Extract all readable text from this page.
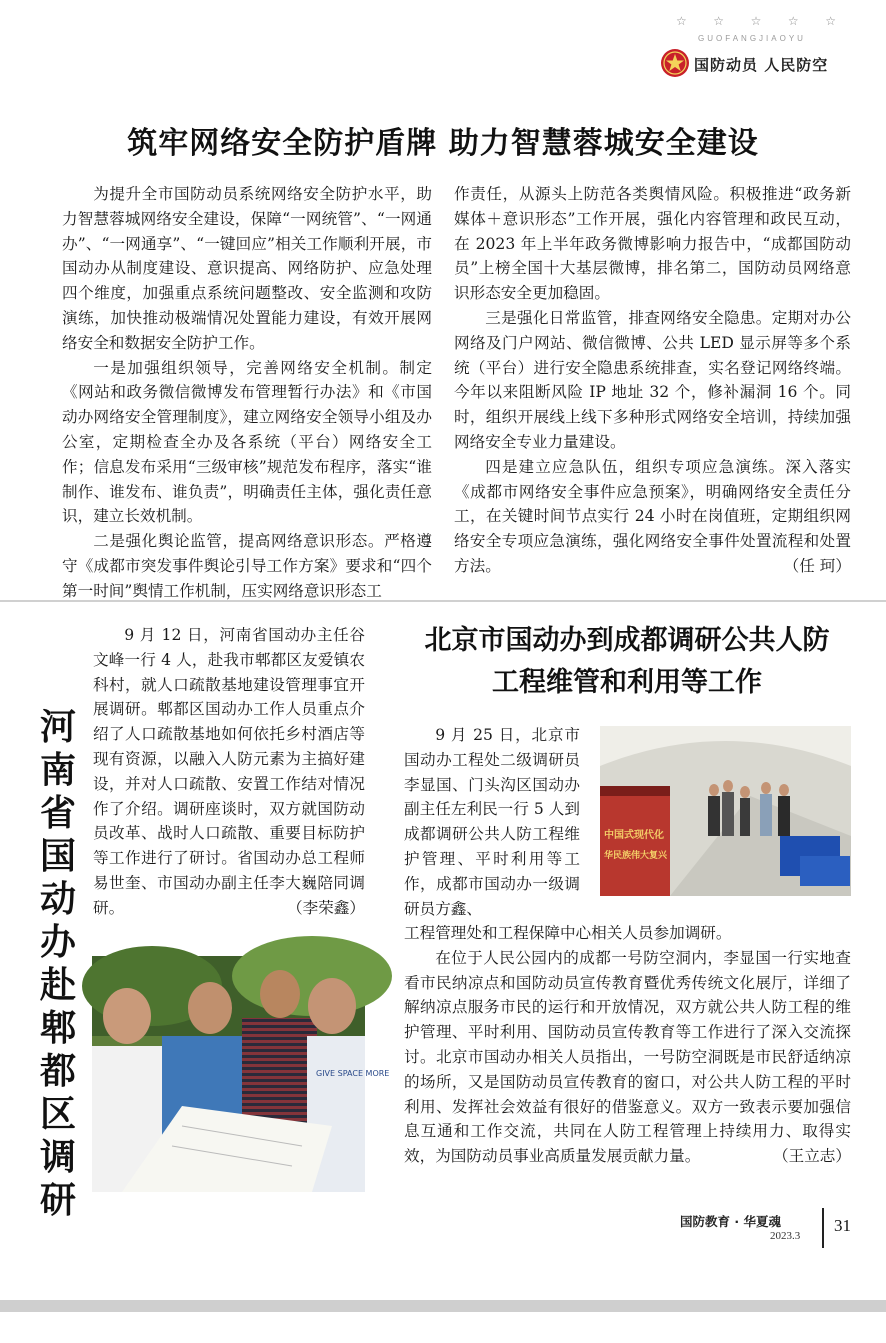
☆ ☆ ☆ ☆ ☆
GUOFANGJIAOYU
国防动员 人民防空
筑牢网络安全防护盾牌 助力智慧蓉城安全建设

为提升全市国防动员系统网络安全防护水平，助力智慧蓉城网络安全建设，保障“一网统管”、“一网通办”、“一网通享”、“一键回应”相关工作顺利开展，市国动办从制度建设、意识提高、网络防护、应急处理四个维度，加强重点系统问题整改、安全监测和攻防演练，加快推动极端情况处置能力建设，有效开展网络安全和数据安全防护工作。

一是加强组织领导，完善网络安全机制。制定《网站和政务微信微博发布管理暂行办法》和《市国动办网络安全管理制度》，建立网络安全领导小组及办公室，定期检查全办及各系统（平台）网络安全工作；信息发布采用“三级审核”规范发布程序，落实“谁制作、谁发布、谁负责”，明确责任主体，强化责任意识，建立长效机制。

二是强化舆论监管，提高网络意识形态。严格遵守《成都市突发事件舆论引导工作方案》要求和“四个第一时间”舆情工作机制，压实网络意识形态工

作责任，从源头上防范各类舆情风险。积极推进“政务新媒体＋意识形态”工作开展，强化内容管理和政民互动，在 2023 年上半年政务微博影响力报告中，“成都国防动员”上榜全国十大基层微博，排名第二，国防动员网络意识形态安全更加稳固。

三是强化日常监管，排查网络安全隐患。定期对办公网络及门户网站、微信微博、公共 LED 显示屏等多个系统（平台）进行安全隐患系统排查，实名登记网络终端。今年以来阻断风险 IP 地址 32 个，修补漏洞 16 个。同时，组织开展线上线下多种形式网络安全培训，持续加强网络安全专业力量建设。

四是建立应急队伍，组织专项应急演练。深入落实《成都市网络安全事件应急预案》，明确网络安全责任分工，在关键时间节点实行 24 小时在岗值班，定期组织网络安全专项应急演练，强化网络安全事件处置流程和处置方法。	（任 珂）

河南省国动办赴郫都区调研

9 月 12 日，河南省国动办主任谷文峰一行 4 人，赴我市郫都区友爱镇农科村，就人口疏散基地建设管理事宜开展调研。郫都区国动办工作人员重点介绍了人口疏散基地如何依托乡村酒店等现有资源，以融入人防元素为主搞好建设，并对人口疏散、安置工作结对情况作了介绍。调研座谈时，双方就国防动员改革、战时人口疏散、重要目标防护等工作进行了研讨。省国动办总工程师易世奎、市国动办副主任李大巍陪同调研。	（李荣鑫）

GIVE SPACE MORE
北京市国动办到成都调研公共人防
工程维管和利用等工作

9 月 25 日，北京市国动办工程处二级调研员李显国、门头沟区国动办副主任左利民一行 5 人到成都调研公共人防工程维护管理、平时利用等工作，成都市国动办一级调研员方鑫、

中国式现代化
华民族伟大复兴

工程管理处和工程保障中心相关人员参加调研。

在位于人民公园内的成都一号防空洞内，李显国一行实地查看市民纳凉点和国防动员宣传教育暨优秀传统文化展厅，详细了解纳凉点服务市民的运行和开放情况，双方就公共人防工程的维护管理、平时利用、国防动员宣传教育等工作进行了深入交流探讨。北京市国动办相关人员指出，一号防空洞既是市民舒适纳凉的场所，又是国防动员宣传教育的窗口，对公共人防工程的平时利用、发挥社会效益有很好的借鉴意义。双方一致表示要加强信息互通和工作交流，共同在人防工程管理上持续用力、取得实效，为国防动员事业高质量发展贡献力量。	（王立志）

国防教育 · 华夏魂
2023.3
31
